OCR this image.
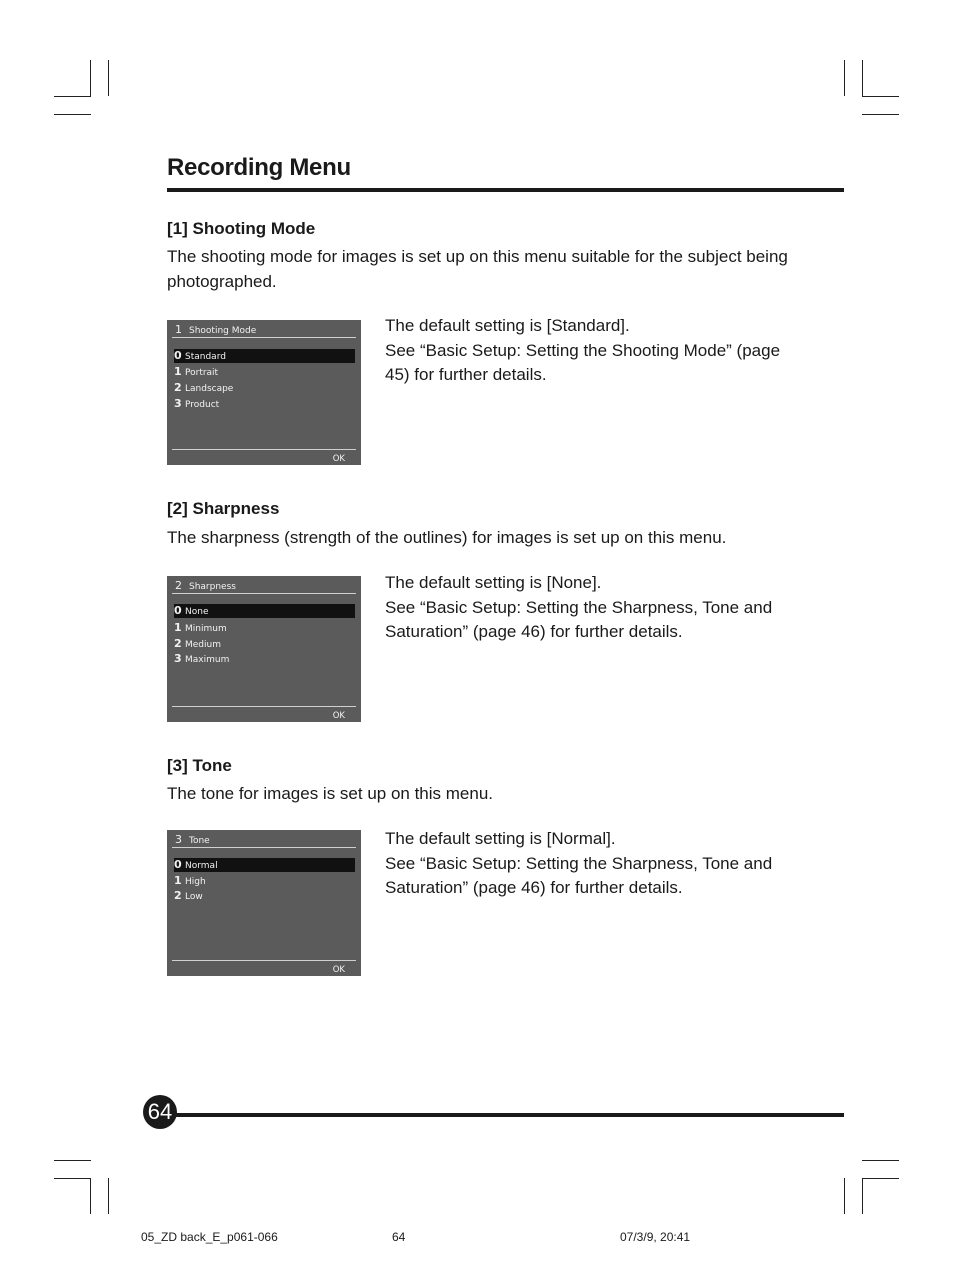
Recording Menu
[1] Shooting Mode
The shooting mode for images is set up on this menu suitable for the subject being photographed.
1 Shooting Mode
0 Standard
1 Portrait
2 Landscape
3 Product
OK
The default setting is [Standard].
See “Basic Setup: Setting the Shooting Mode” (page 45) for further details.
[2] Sharpness
The sharpness (strength of the outlines) for images is set up on this menu.
2 Sharpness
0 None
1 Minimum
2 Medium
3 Maximum
OK
The default setting is [None].
See “Basic Setup: Setting the Sharpness, Tone and Saturation” (page 46) for further details.
[3] Tone
The tone for images is set up on this menu.
3 Tone
0 Normal
1 High
2 Low
OK
The default setting is [Normal].
See “Basic Setup: Setting the Sharpness, Tone and Saturation” (page 46) for further details.
64
05_ZD back_E_p061-066	64	07/3/9, 20:41
